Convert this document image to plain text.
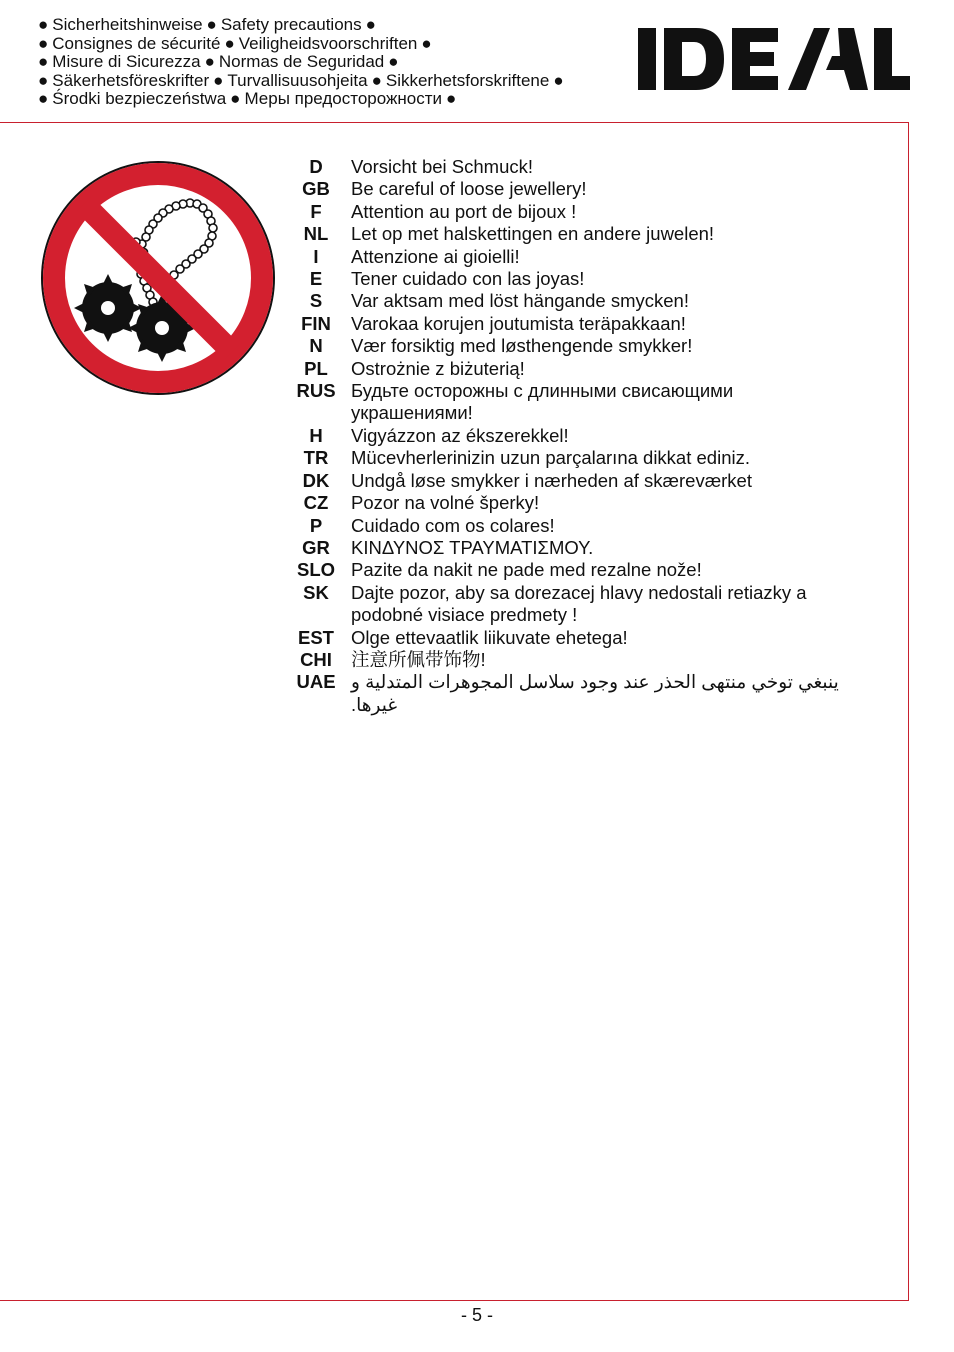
● Sicherheitshinweise ● Safety precautions ●
● Consignes de sécurité ● Veiligheidsvoorschriften ●
● Misure di Sicurezza ● Normas de Seguridad ●
● Säkerhetsföreskrifter ● Turvallisuusohjeita ● Sikkerhetsforskriftene ●
● Środki bezpieczeństwa ● Меры предосторожности ●
D	Vorsicht bei Schmuck!
GB	Be careful of loose jewellery!
F	Attention au port de bijoux !
NL	Let op met halskettingen en andere juwelen!
I	Attenzione ai gioielli!
E	Tener cuidado con las joyas!
S	Var aktsam med löst hängande smycken!
FIN	Varokaa korujen joutumista teräpakkaan!
N	Vær forsiktig med løsthengende smykker!
PL	Ostrożnie z biżuterią!
RUS Будьте осторожны с длинными свисающими украшениями!
H	Vigyázzon az ékszerekkel!
TR	Mücevherlerinizin uzun parçalarına dikkat ediniz.
DK	Undgå løse smykker i nærheden af skæreværket
CZ	Pozor na volné šperky!
P	Cuidado com os colares!
GR	ΚΙΝΔΥΝΟΣ ΤΡΑΥΜΑΤΙΣΜΟΥ.
SLO Pazite da nakit ne pade med rezalne nože!
SK	Dajte pozor, aby sa dorezacej hlavy nedostali retiazky a podobné visiace predmety !
EST Olge ettevaatlik liikuvate ehetega!
CHI	注意所佩带饰物!
UAE ينبغي توخي منتهى الحذر عند وجود سلاسل المجوهرات المتدلية و غيرها.
- 5 -
